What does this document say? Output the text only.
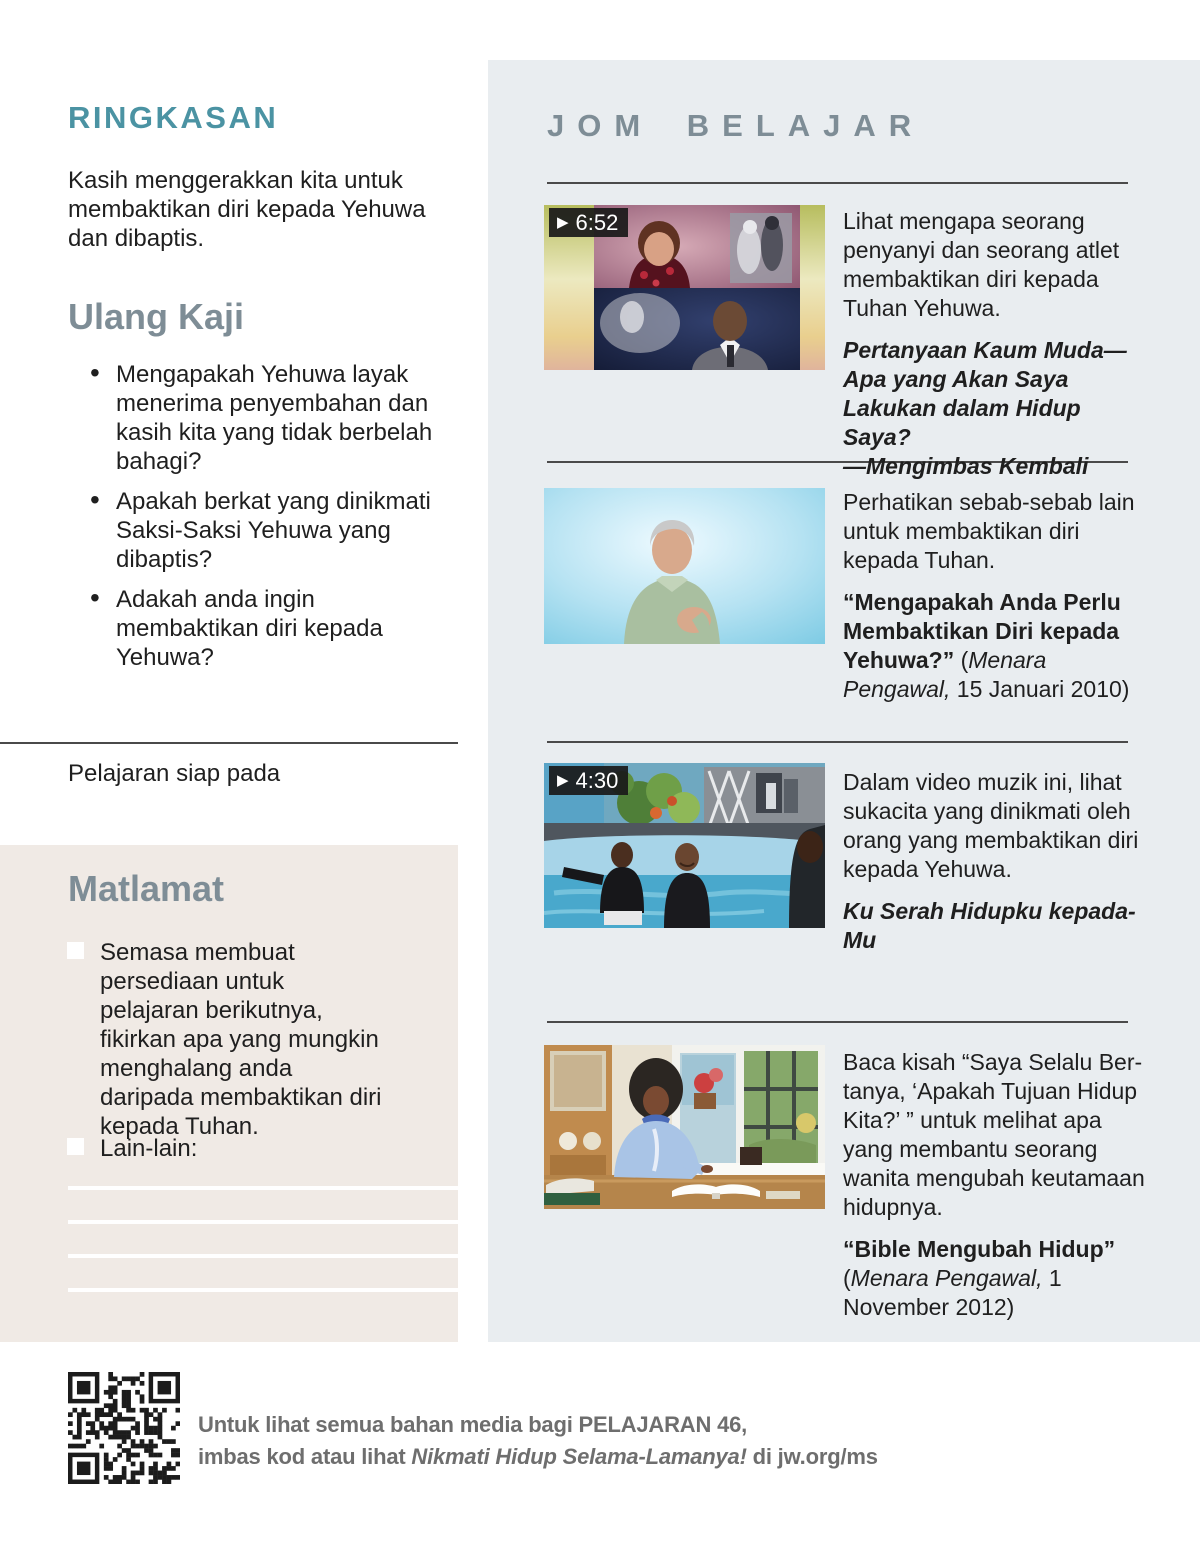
RINGKASAN
Kasih menggerakkan kita untuk membaktikan diri kepada Yehuwa dan dibaptis.
Ulang Kaji
• Mengapakah Yehuwa layak menerima penyembahan dan kasih kita yang tidak berbelah bahagi?
• Apakah berkat yang dinikmati Saksi-Saksi Yehuwa yang dibaptis?
• Adakah anda ingin membaktikan diri kepada Yehuwa?
Pelajaran siap pada
Matlamat
Semasa membuat persediaan untuk pelajaran berikutnya, fikirkan apa yang mungkin menghalang anda daripada membaktikan diri kepada Tuhan.
Lain-lain:
JOM BELAJAR
▶ 6:52	Lihat mengapa seorang penyanyi dan seorang atlet membaktikan diri kepada Tuhan Yehuwa.

Pertanyaan Kaum Muda—Apa yang Akan Saya Lakukan dalam Hidup Saya?
—Mengimbas Kembali

Perhatikan sebab-sebab lain untuk membaktikan diri kepada Tuhan.

“Mengapakah Anda Perlu Membaktikan Diri kepada Yehuwa?” (Menara Pengawal, 15 Januari 2010)

▶ 4:30	Dalam video muzik ini, lihat sukacita yang dinikmati oleh orang yang membaktikan diri kepada Yehuwa.

Ku Serah Hidupku kepada-Mu

Baca kisah “Saya Selalu Bertanya, ‘Apakah Tujuan Hidup Kita?’ ” untuk melihat apa yang membantu seorang wanita mengubah keutamaan hidupnya.

“Bible Mengubah Hidup” (Menara Pengawal, 1 November 2012)

Untuk lihat semua bahan media bagi PELAJARAN 46,
imbas kod atau lihat Nikmati Hidup Selama-Lamanya! di jw.org/ms
